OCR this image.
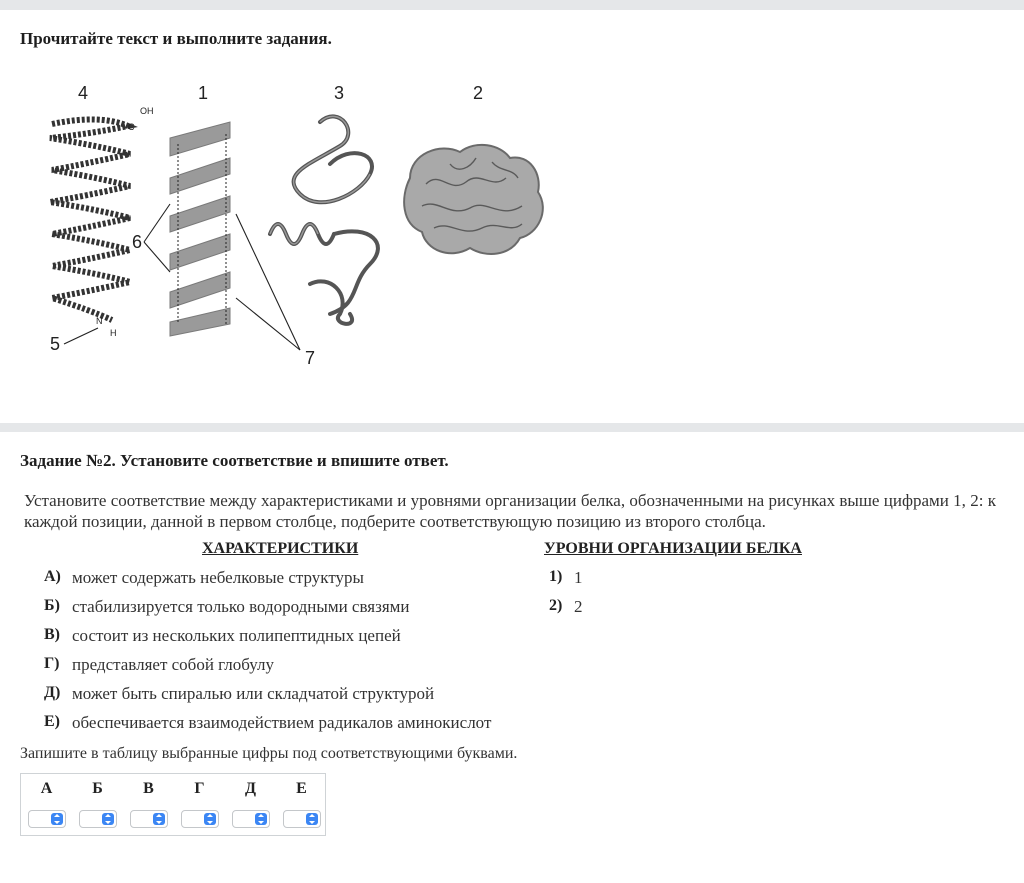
Прочитайте текст и выполните задания.
4	1	3	2
6
5
7
OH
C
N
H
Задание №2. Установите соответствие и впишите ответ.
Установите соответствие между характеристиками и уровнями организации белка, обозначенными на рисунках выше цифрами 1, 2: к каждой позиции, данной в первом столбце, подберите соответствующую позицию из второго столбца.
ХАРАКТЕРИСТИКИ	УРОВНИ ОРГАНИЗАЦИИ БЕЛКА
А) может содержать небелковые структуры
Б) стабилизируется только водородными связями
В) состоит из нескольких полипептидных цепей
Г) представляет собой глобулу
Д) может быть спиралью или складчатой структурой
Е) обеспечивается взаимодействием радикалов аминокислот
1) 1
2) 2
Запишите в таблицу выбранные цифры под соответствующими буквами.
А	Б	В	Г	Д	Е
